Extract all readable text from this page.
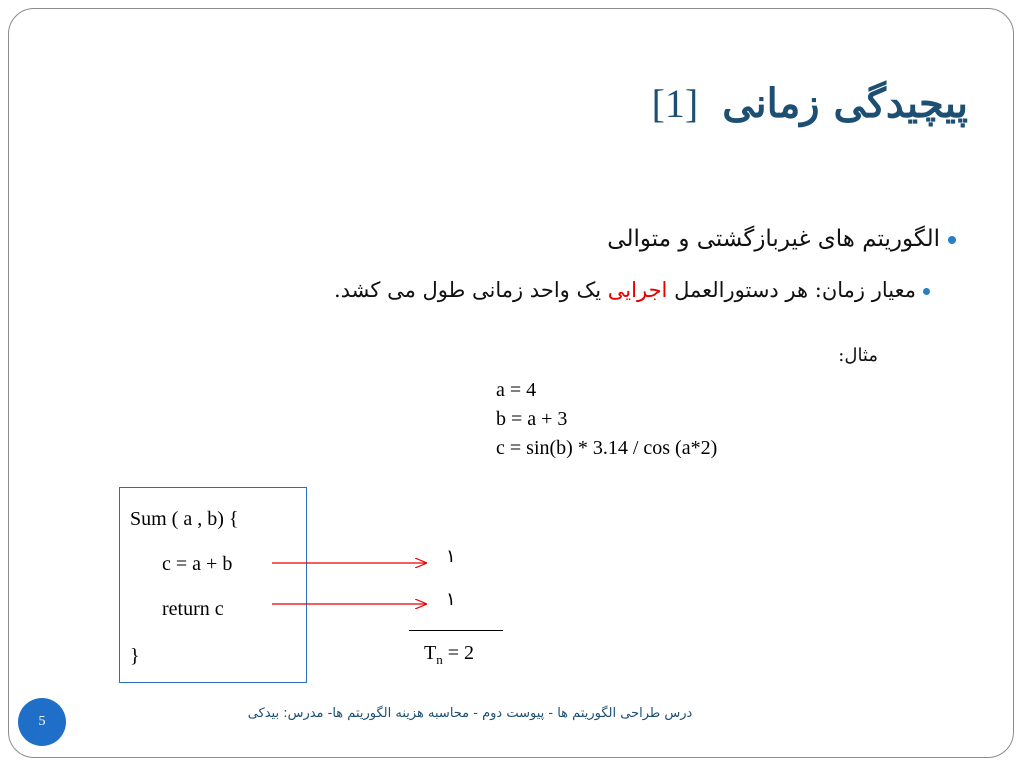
پیچیدگی زمانی [1]
الگوریتم های غیربازگشتی و متوالی
معیار زمان: هر دستورالعمل اجرایی یک واحد زمانی طول می کشد.
مثال:
a = 4
b = a + 3
c = sin(b) * 3.14 / cos (a*2)
Sum ( a , b) {
c = a + b
return c
}
١
١
$T_n = 2$
5
درس طراحی الگوریتم ها - پیوست دوم - محاسبه هزینه الگوریتم ها- مدرس: بیدکی
